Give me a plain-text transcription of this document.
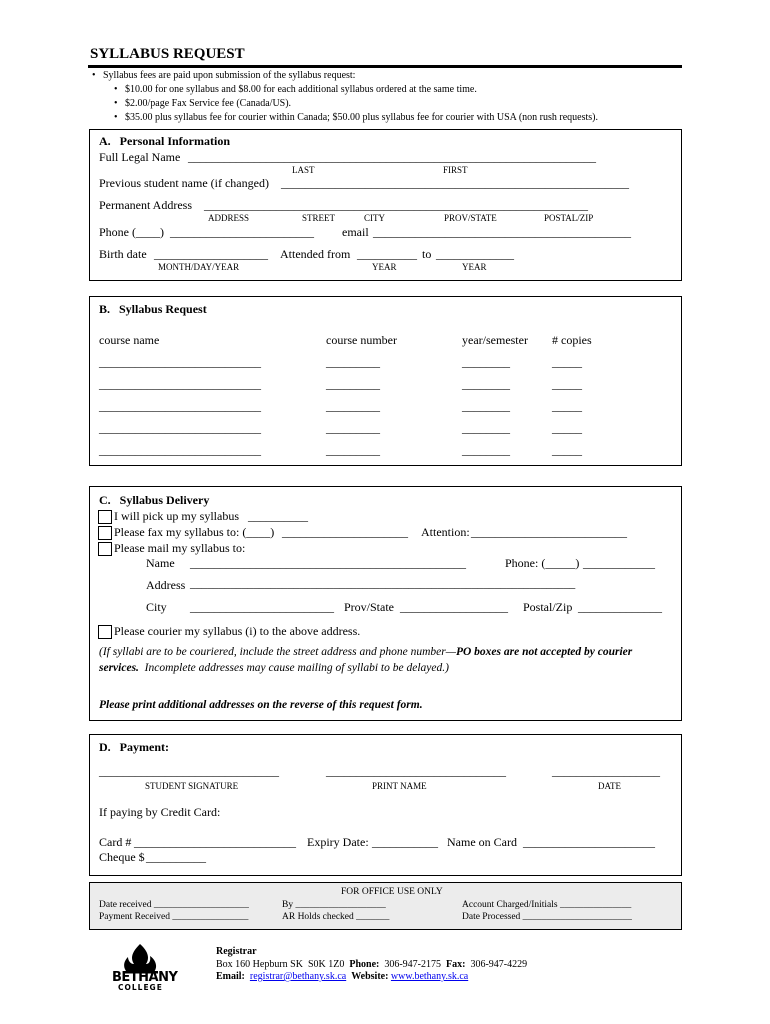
SYLLABUS REQUEST
• Syllabus fees are paid upon submission of the syllabus request:
• $10.00 for one syllabus and $8.00 for each additional syllabus ordered at the same time.
• $2.00/page Fax Service fee (Canada/US).
• $35.00 plus syllabus fee for courier within Canada; $50.00 plus syllabus fee for courier with USA (non rush requests).
A.   Personal Information
Full Legal Name ____________________________________________________________________
LAST	FIRST
Previous student name (if changed) __________________________________________________________
Permanent Address ________________________________________________________________
ADDRESS	STREET	CITY	PROV/STATE	POSTAL/ZIP
Phone (____) ________________________ email ___________________________________________
Birth date ___________________ Attended from __________ to _____________
MONTH/DAY/YEAR	YEAR	YEAR
B.   Syllabus Request
course name	course number	year/semester # copies
___________________________	_________	________	_____
___________________________	_________	________	_____
___________________________	_________	________	_____
___________________________	_________	________	_____
___________________________	_________	________	_____
C.   Syllabus Delivery
I will pick up my syllabus __________
Please fax my syllabus to: (____) _____________________ Attention: __________________________
Please mail my syllabus to:
Name ______________________________________________	Phone: (_____) ____________
Address ___________________________________________________________________
City ________________________ Prov/State __________________ Postal/Zip ______________
Please courier my syllabus (i) to the above address.
(If syllabi are to be couriered, include the street address and phone number—PO boxes are not accepted by courier
services.  Incomplete addresses may cause mailing of syllabi to be delayed.)
Please print additional addresses on the reverse of this request form.
D.   Payment:
______________________________	______________________________	__________________
STUDENT SIGNATURE	PRINT NAME	DATE
If paying by Credit Card:
Card # ___________________________ Expiry Date: ___________ Name on Card ______________________
Cheque $ __________
FOR OFFICE USE ONLY
Date received ____________________
Payment Received ________________
By ___________________
AR Holds checked _______
Account Charged/Initials _______________
Date Processed _______________________
BETHANY
COLLEGE
Registrar
Box 160 Hepburn SK  S0K 1Z0 Phone: 306-947-2175 Fax: 306-947-4229
Email: registrar@bethany.sk.ca Website: www.bethany.sk.ca
